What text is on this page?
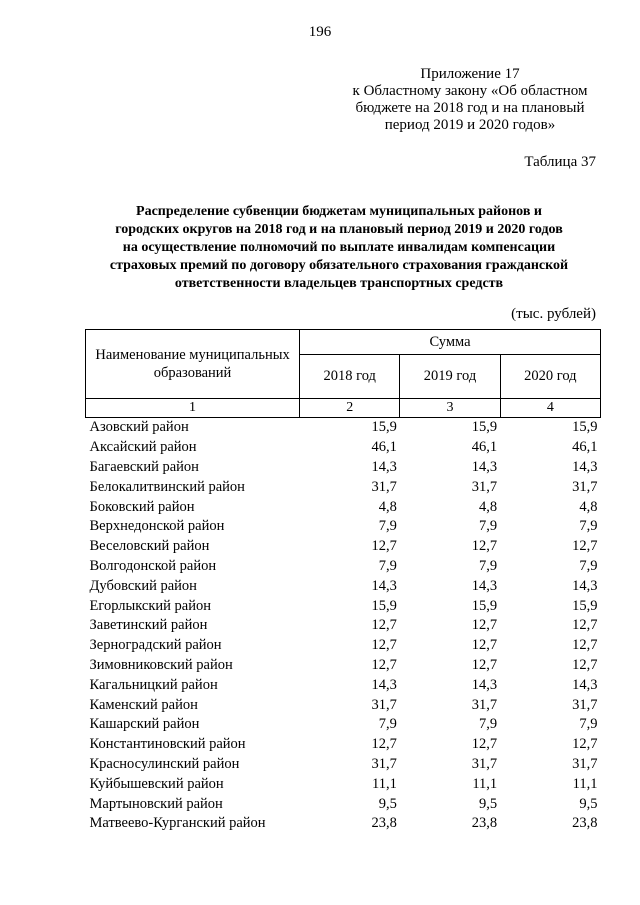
196
Приложение 17
к Областному закону «Об областном
бюджете на 2018 год и на плановый
период 2019 и 2020 годов»
Таблица 37
Распределение субвенции бюджетам муниципальных районов и
городских округов на 2018 год и на плановый период 2019 и 2020 годов
на осуществление полномочий по выплате инвалидам компенсации
страховых премий по договору обязательного страхования гражданской
ответственности владельцев транспортных средств
(тыс. рублей)
Наименование муниципальных образований	Сумма		
	2018 год	2019 год	2020 год
1	2	3	4
Азовский район	15,9	15,9	15,9
Аксайский район	46,1	46,1	46,1
Багаевский район	14,3	14,3	14,3
Белокалитвинский район	31,7	31,7	31,7
Боковский район	4,8	4,8	4,8
Верхнедонской район	7,9	7,9	7,9
Веселовский район	12,7	12,7	12,7
Волгодонской район	7,9	7,9	7,9
Дубовский район	14,3	14,3	14,3
Егорлыкский район	15,9	15,9	15,9
Заветинский район	12,7	12,7	12,7
Зерноградский район	12,7	12,7	12,7
Зимовниковский район	12,7	12,7	12,7
Кагальницкий район	14,3	14,3	14,3
Каменский район	31,7	31,7	31,7
Кашарский район	7,9	7,9	7,9
Константиновский район	12,7	12,7	12,7
Красносулинский район	31,7	31,7	31,7
Куйбышевский район	11,1	11,1	11,1
Мартыновский район	9,5	9,5	9,5
Матвеево-Курганский район	23,8	23,8	23,8
